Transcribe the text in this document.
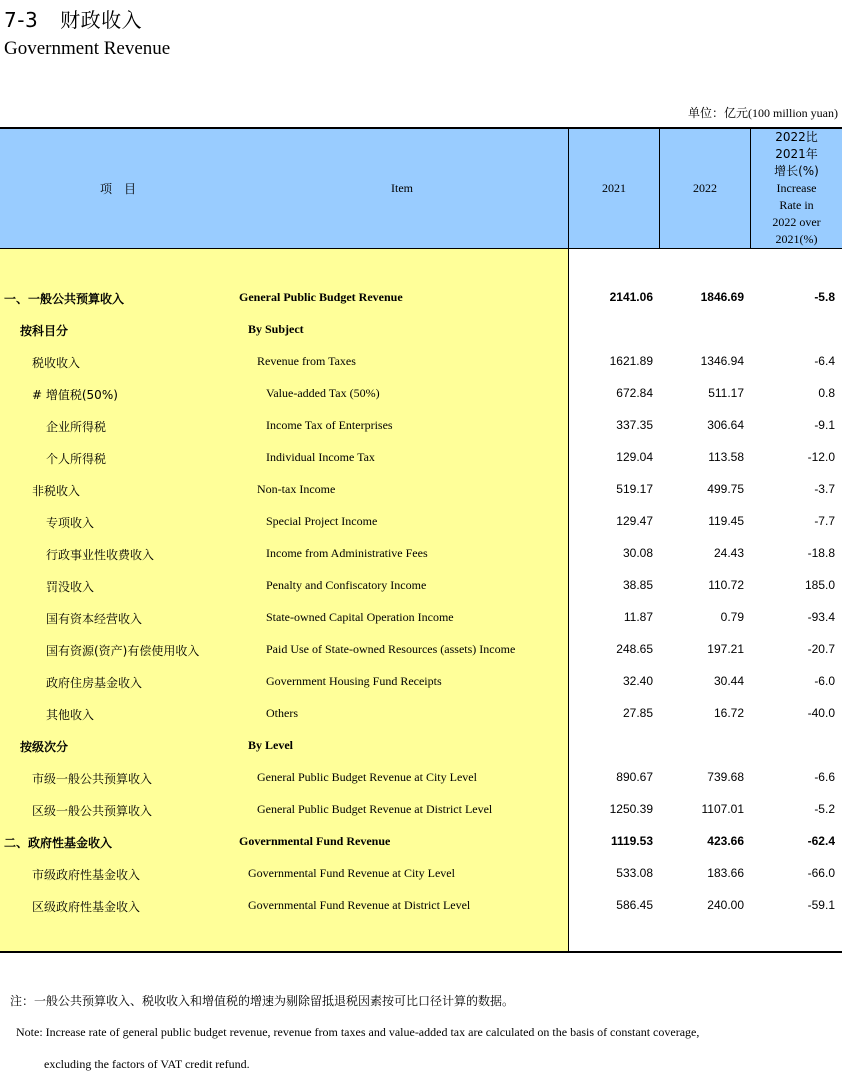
7-3 财政收入
Government Revenue
单位：亿元(100 million yuan)
项　目	Item	2021	2022
2022比
2021年
增长(%)
Increase
Rate in
2022 over
2021(%)
一、一般公共预算收入	General Public Budget Revenue	2141.06	1846.69	-5.8
按科目分	By Subject
税收收入	Revenue from Taxes	1621.89	1346.94	-6.4
# 增值税(50%)	Value-added Tax (50%)	672.84	511.17	0.8
企业所得税	Income Tax of Enterprises	337.35	306.64	-9.1
个人所得税	Individual Income Tax	129.04	113.58	-12.0
非税收入	Non-tax Income	519.17	499.75	-3.7
专项收入	Special Project Income	129.47	119.45	-7.7
行政事业性收费收入	Income from Administrative Fees	30.08	24.43	-18.8
罚没收入	Penalty and Confiscatory Income	38.85	110.72	185.0
国有资本经营收入	State-owned Capital Operation Income	11.87	0.79	-93.4
国有资源(资产)有偿使用收入	Paid Use of State-owned Resources (assets) Income	248.65	197.21	-20.7
政府住房基金收入	Government Housing Fund Receipts	32.40	30.44	-6.0
其他收入	Others	27.85	16.72	-40.0
按级次分	By Level
市级一般公共预算收入	General Public Budget Revenue at City Level	890.67	739.68	-6.6
区级一般公共预算收入	General Public Budget Revenue at District Level	1250.39	1107.01	-5.2
二、政府性基金收入	Governmental Fund Revenue	1119.53	423.66	-62.4
市级政府性基金收入	Governmental Fund Revenue at City Level	533.08	183.66	-66.0
区级政府性基金收入	Governmental Fund Revenue at District Level	586.45	240.00	-59.1
注：一般公共预算收入、税收收入和增值税的增速为剔除留抵退税因素按可比口径计算的数据。
Note: Increase rate of general public budget revenue, revenue from taxes and value-added tax are calculated on the basis of constant coverage,
excluding the factors of VAT credit refund.
